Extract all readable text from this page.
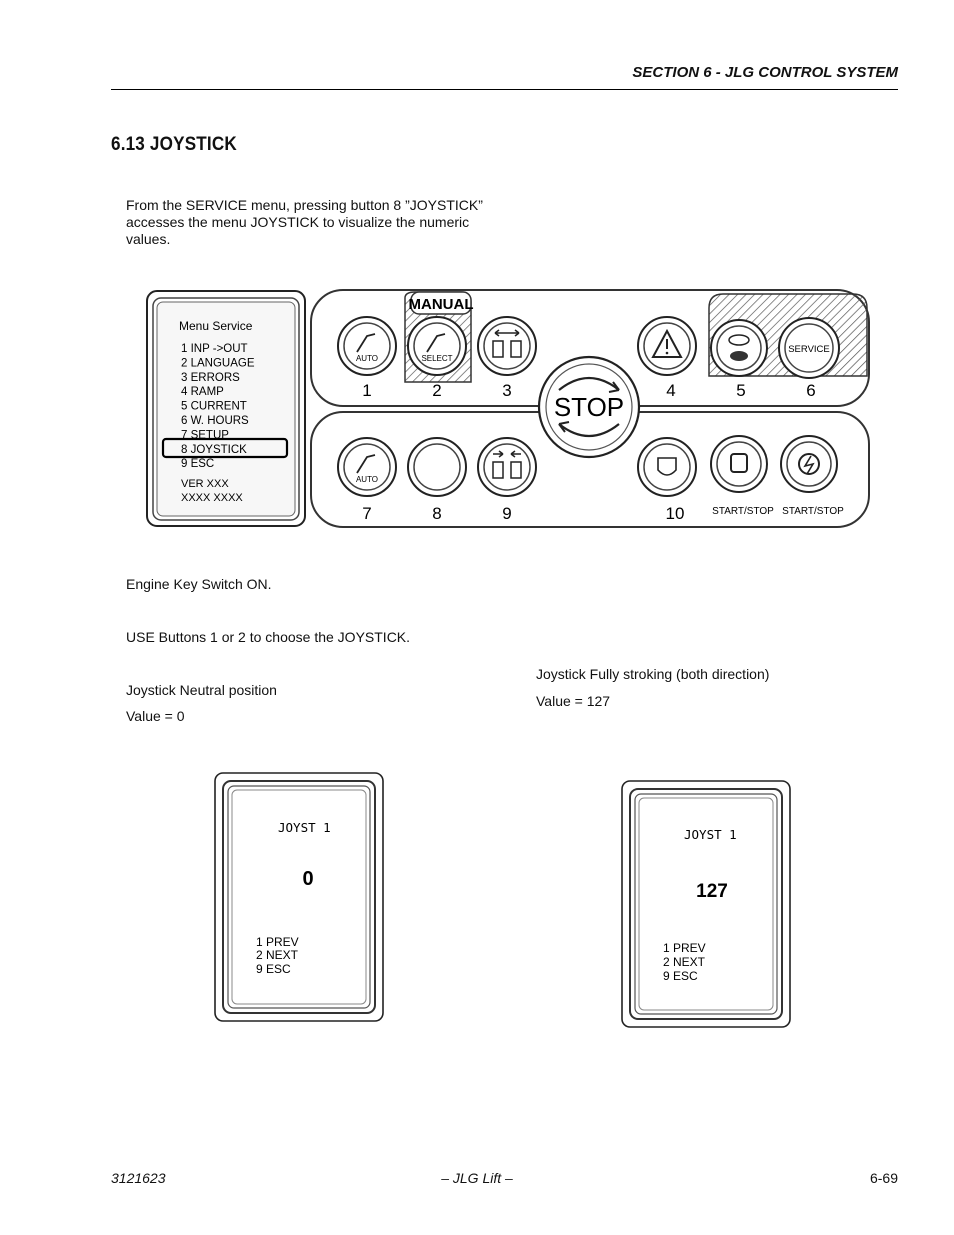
SECTION 6 - JLG CONTROL SYSTEM
6.13 JOYSTICK
From the SERVICE menu, pressing button 8 ”JOYSTICK” accesses the menu JOYSTICK to visualize the numeric values.
Menu Service
1 INP ->OUT
2 LANGUAGE
3 ERRORS
4 RAMP
5 CURRENT
6 W. HOURS
7 SETUP
8 JOYSTICK
9 ESC
VER XXX
XXXX XXXX
MANUAL
AUTO	SELECT
SERVICE
STOP
AUTO
1	2	3	4	5	6
7	8	9	10	START/STOP START/STOP
Engine Key Switch ON.
USE Buttons 1 or 2 to choose the JOYSTICK.
Joystick Neutral position
Value = 0
Joystick Fully stroking (both direction)
Value = 127
JOYST 1
0
1 PREV
2 NEXT
9 ESC
JOYST 1
127
1 PREV
2 NEXT
9 ESC
3121623	– JLG Lift –	6-69
